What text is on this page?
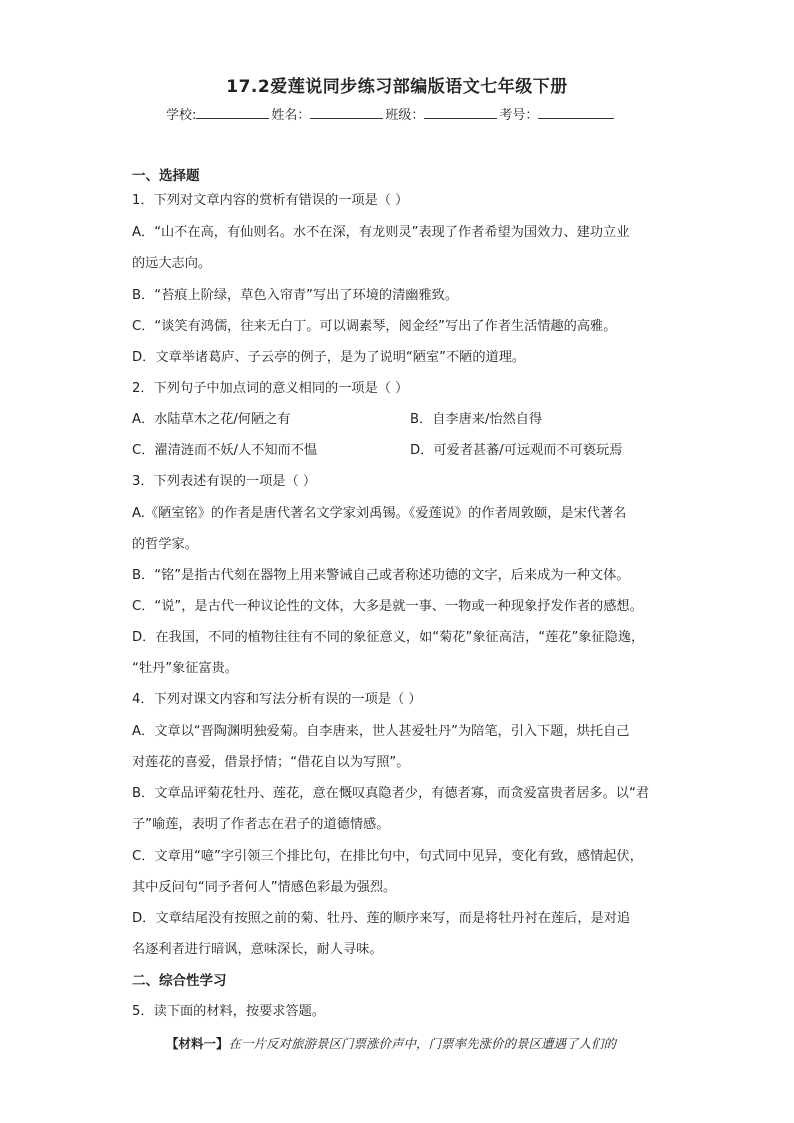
17.2爱莲说同步练习部编版语文七年级下册
学校:	姓名：	班级：	考号：
一、选择题
1．下列对文章内容的赏析有错误的一项是（ ）
A．“山不在高，有仙则名。水不在深，有龙则灵”表现了作者希望为国效力、建功立业
的远大志向。
B．“苔痕上阶绿，草色入帘青”写出了环境的清幽雅致。
C．“谈笑有鸿儒，往来无白丁。可以调素琴，阅金经”写出了作者生活情趣的高雅。
D．文章举诸葛庐、子云亭的例子，是为了说明“陋室”不陋的道理。
2．下列句子中加点词的意义相同的一项是（ ）
A．水陆草木之花/何陋之有	B．自李唐来/怡然自得
C．濯清涟而不妖/人不知而不愠	D．可爱者甚蕃/可远观而不可亵玩焉
3．下列表述有误的一项是（ ）
A.《陋室铭》的作者是唐代著名文学家刘禹锡。《爱莲说》的作者周敦颐，是宋代著名
的哲学家。
B．“铭”是指古代刻在器物上用来警诫自己或者称述功德的文字，后来成为一种文体。
C．“说”，是古代一种议论性的文体，大多是就一事、一物或一种现象抒发作者的感想。
D．在我国，不同的植物往往有不同的象征意义，如“菊花”象征高洁，“莲花”象征隐逸，
“牡丹”象征富贵。
4．下列对课文内容和写法分析有误的一项是（ ）
A．文章以“晋陶渊明独爱菊。自李唐来，世人甚爱牡丹”为陪笔，引入下题，烘托自己
对莲花的喜爱，借景抒情；“借花自以为写照”。
B．文章品评菊花牡丹、莲花，意在慨叹真隐者少，有德者寡，而贪爱富贵者居多。以“君
子”喻莲，表明了作者志在君子的道德情感。
C．文章用“噫”字引领三个排比句，在排比句中，句式同中见异，变化有致，感情起伏，
其中反问句“同予者何人”情感色彩最为强烈。
D．文章结尾没有按照之前的菊、牡丹、莲的顺序来写，而是将牡丹衬在莲后，是对追
名逐利者进行暗讽，意味深长，耐人寻味。
二、综合性学习
5．读下面的材料，按要求答题。
【材料一】在一片反对旅游景区门票涨价声中，门票率先涨价的景区遭遇了人们的
